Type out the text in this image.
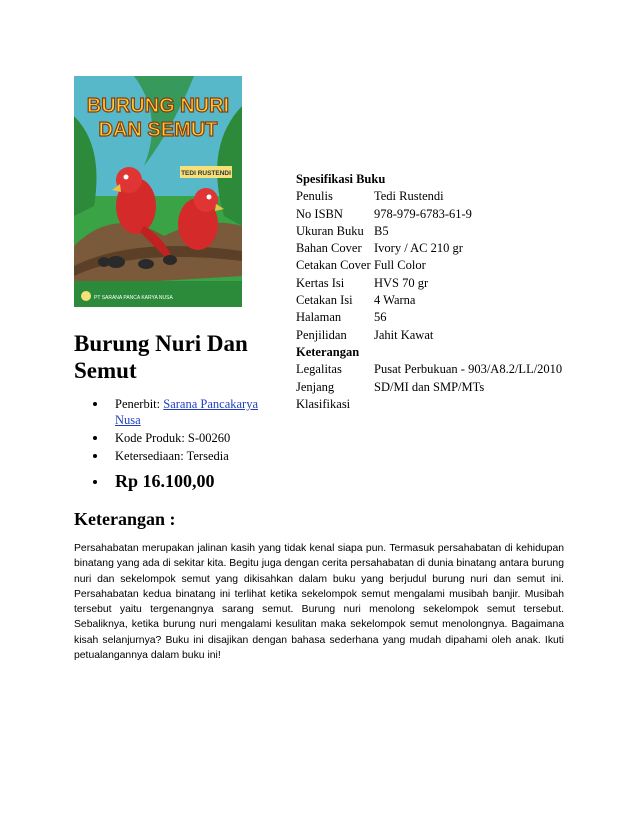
TEDI RUSTENDI
BURUNG NURI
DAN SEMUT
PT SARANA PANCA KARYA NUSA
Burung Nuri Dan Semut
Penerbit: Sarana Pancakarya Nusa
Kode Produk: S-00260
Ketersediaan: Tersedia
Rp 16.100,00
Spesifikasi Buku	
Penulis	Tedi Rustendi
No ISBN	978-979-6783-61-9
Ukuran Buku	B5
Bahan Cover	Ivory / AC 210 gr
Cetakan Cover	Full Color
Kertas Isi	HVS 70 gr
Cetakan Isi	4 Warna
Halaman	56
Penjilidan	Jahit Kawat
Keterangan	
Legalitas	Pusat Perbukuan - 903/A8.2/LL/2010
Jenjang	SD/MI dan SMP/MTs
Klasifikasi	
Keterangan :

Persahabatan merupakan jalinan kasih yang tidak kenal siapa pun. Termasuk persahabatan di kehidupan binatang yang ada di sekitar kita. Begitu juga dengan cerita persahabatan di dunia binatang antara burung nuri dan sekelompok semut yang dikisahkan dalam buku yang berjudul burung nuri dan semut ini. Persahabatan kedua binatang ini terlihat ketika sekelompok semut mengalami musibah banjir. Musibah tersebut yaitu tergenangnya sarang semut. Burung nuri menolong sekelompok semut tersebut. Sebaliknya, ketika burung nuri mengalami kesulitan maka sekelompok semut menolongnya. Bagaimana kisah selanjurnya? Buku ini disajikan dengan bahasa sederhana yang mudah dipahami oleh anak. Ikuti petualangannya dalam buku ini!
